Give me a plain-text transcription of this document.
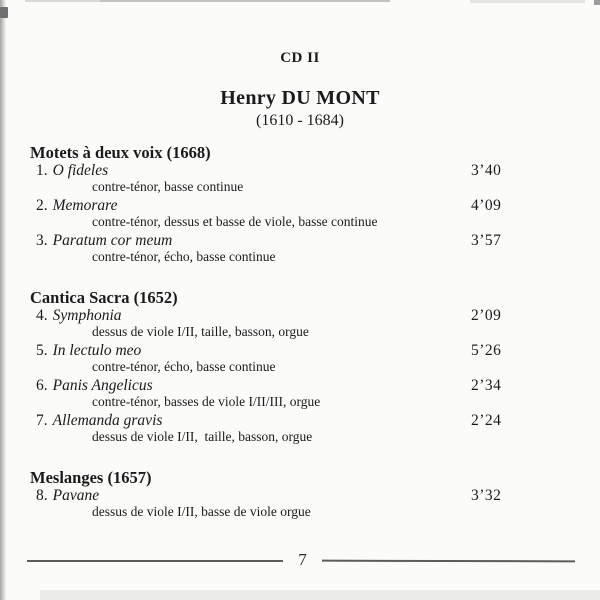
CD II
Henry DU MONT
(1610 - 1684)
Motets à deux voix (1668)
1. O fideles	3’40
contre-ténor, basse continue
2. Memorare	4’09
contre-ténor, dessus et basse de viole, basse continue
3. Paratum cor meum	3’57
contre-ténor, écho, basse continue
Cantica Sacra (1652)
4. Symphonia	2’09
dessus de viole I/II, taille, basson, orgue
5. In lectulo meo	5’26
contre-ténor, écho, basse continue
6. Panis Angelicus	2’34
contre-ténor, basses de viole I/II/III, orgue
7. Allemanda gravis	2’24
dessus de viole I/II,  taille, basson, orgue
Meslanges (1657)
8. Pavane	3’32
dessus de viole I/II, basse de viole orgue
7
